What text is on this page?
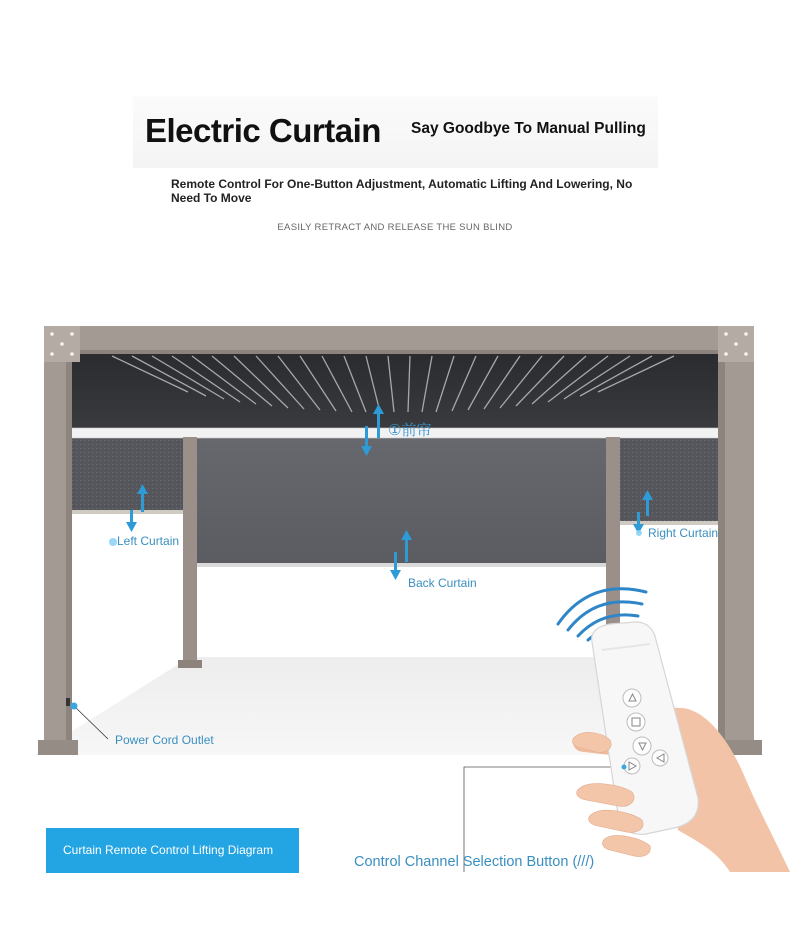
Electric Curtain Say Goodbye To Manual Pulling
Remote Control For One-Button Adjustment, Automatic Lifting And Lowering, No Need To Move
EASILY RETRACT AND RELEASE THE SUN BLIND
①前帘
Left Curtain
Right Curtain
Back Curtain
Power Cord Outlet
Control Channel Selection Button (///)
Curtain Remote Control Lifting Diagram
